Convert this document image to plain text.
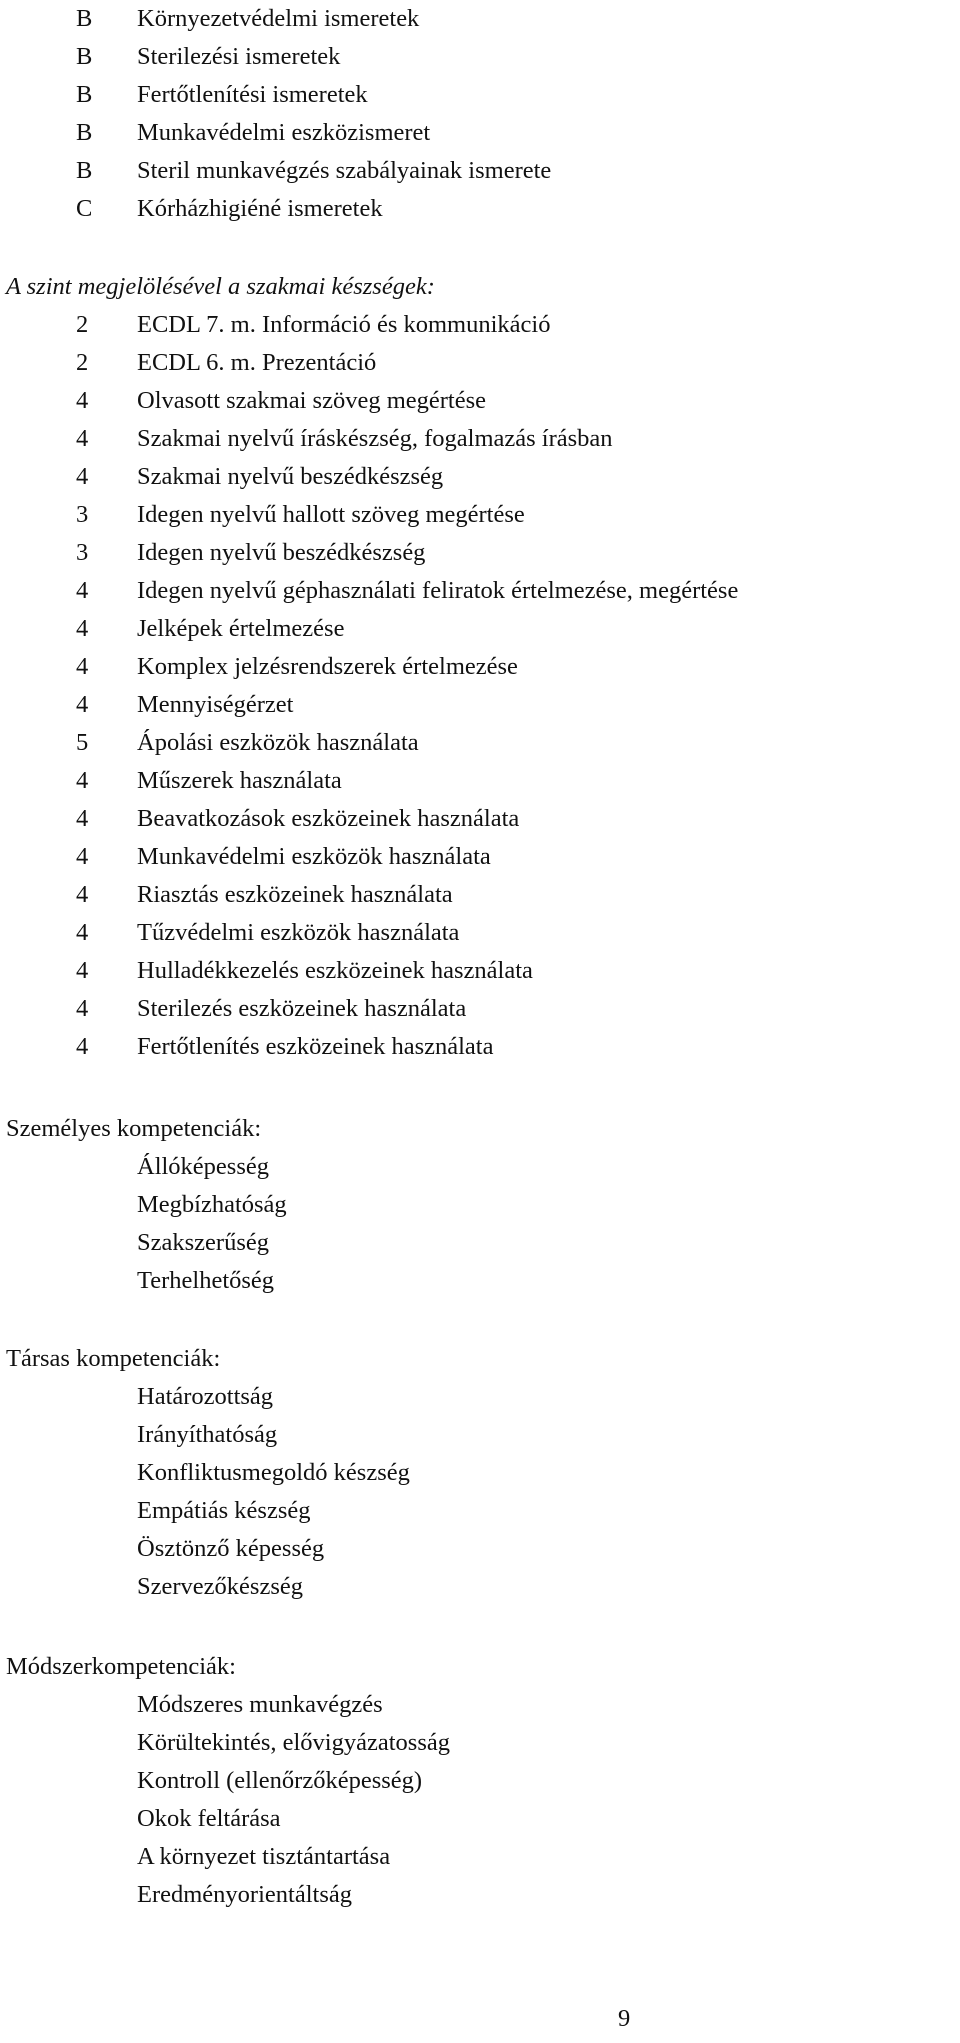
B	Környezetvédelmi ismeretek
B	Sterilezési ismeretek
B	Fertőtlenítési ismeretek
B	Munkavédelmi eszközismeret
B	Steril munkavégzés szabályainak ismerete
C	Kórházhigiéné ismeretek
A szint megjelölésével a szakmai készségek:
2	ECDL 7. m. Információ és kommunikáció
2	ECDL 6. m. Prezentáció
4	Olvasott szakmai szöveg megértése
4	Szakmai nyelvű íráskészség, fogalmazás írásban
4	Szakmai nyelvű beszédkészség
3	Idegen nyelvű hallott szöveg megértése
3	Idegen nyelvű beszédkészség
4	Idegen nyelvű géphasználati feliratok értelmezése, megértése
4	Jelképek értelmezése
4	Komplex jelzésrendszerek értelmezése
4	Mennyiségérzet
5	Ápolási eszközök használata
4	Műszerek használata
4	Beavatkozások eszközeinek használata
4	Munkavédelmi eszközök használata
4	Riasztás eszközeinek használata
4	Tűzvédelmi eszközök használata
4	Hulladékkezelés eszközeinek használata
4	Sterilezés eszközeinek használata
4	Fertőtlenítés eszközeinek használata
Személyes kompetenciák:
Állóképesség
Megbízhatóság
Szakszerűség
Terhelhetőség
Társas kompetenciák:
Határozottság
Irányíthatóság
Konfliktusmegoldó készség
Empátiás készség
Ösztönző képesség
Szervezőkészség
Módszerkompetenciák:
Módszeres munkavégzés
Körültekintés, elővigyázatosság
Kontroll (ellenőrzőképesség)
Okok feltárása
A környezet tisztántartása
Eredményorientáltság
9
